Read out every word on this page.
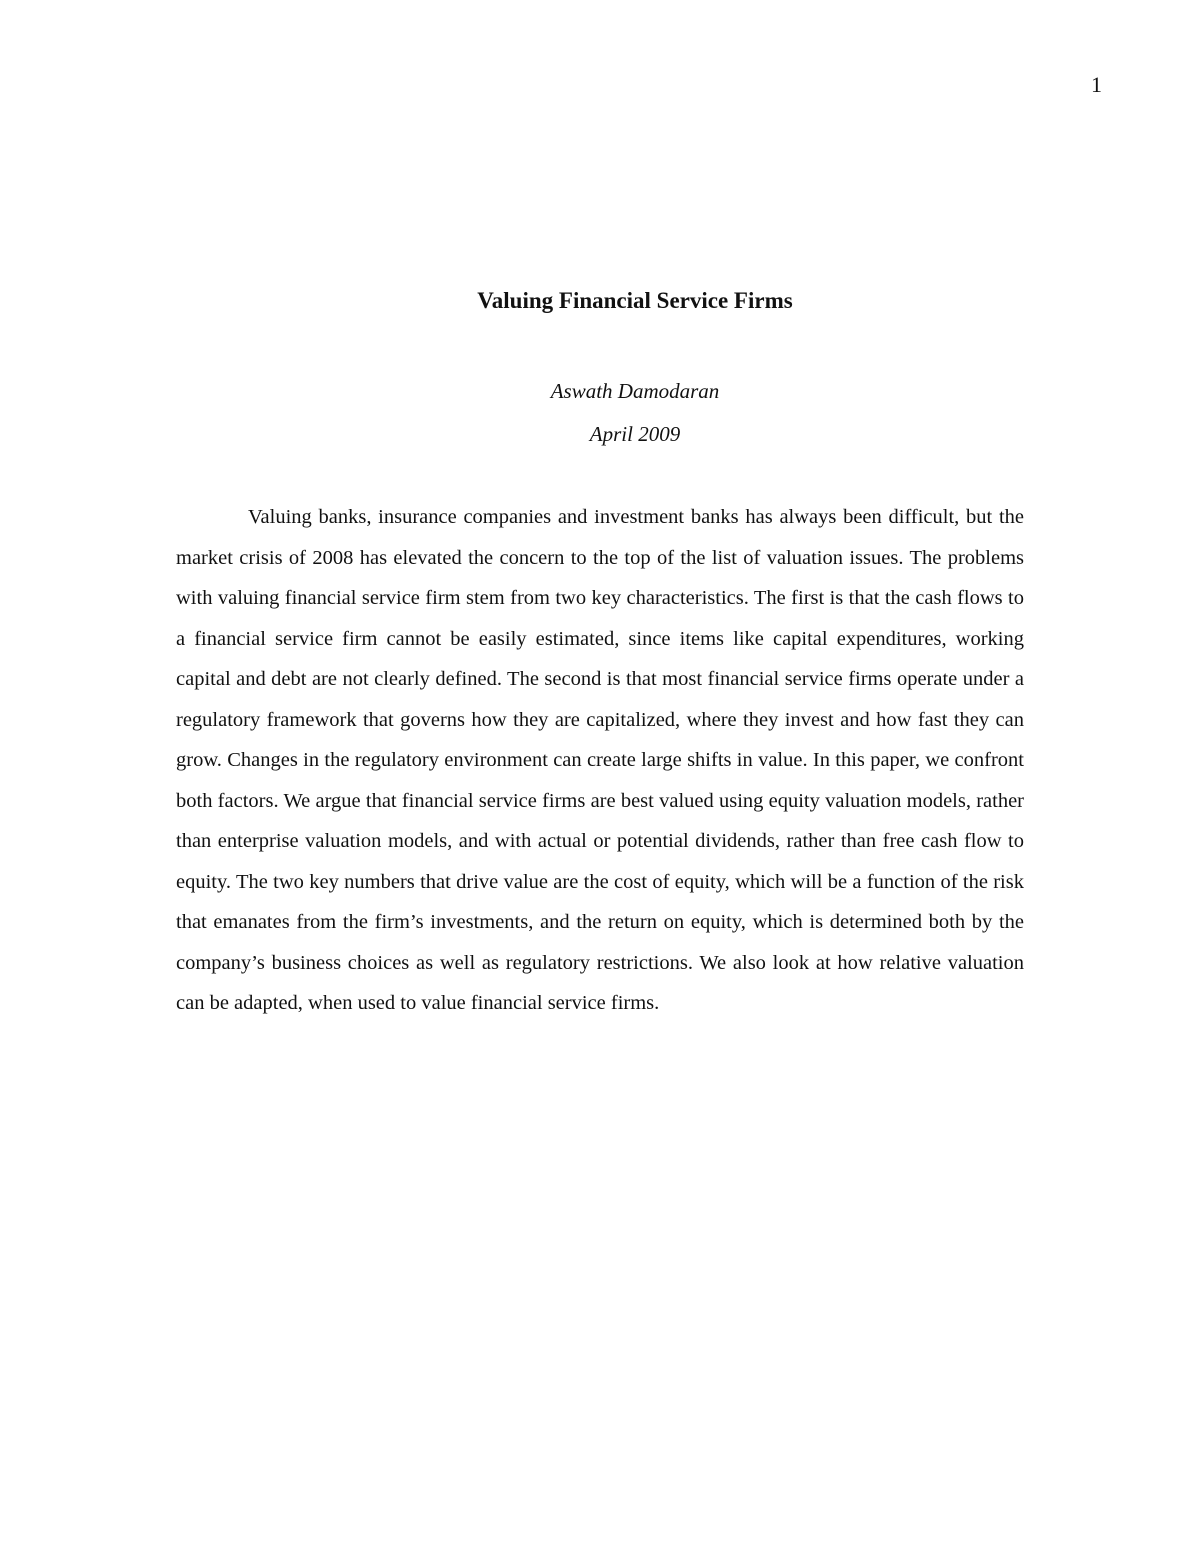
1
Valuing Financial Service Firms
Aswath Damodaran
April 2009

Valuing banks, insurance companies and investment banks has always been difficult, but the market crisis of 2008 has elevated the concern to the top of the list of valuation issues. The problems with valuing financial service firm stem from two key characteristics. The first is that the cash flows to a financial service firm cannot be easily estimated, since items like capital expenditures, working capital and debt are not clearly defined. The second is that most financial service firms operate under a regulatory framework that governs how they are capitalized, where they invest and how fast they can grow. Changes in the regulatory environment can create large shifts in value. In this paper, we confront both factors. We argue that financial service firms are best valued using equity valuation models, rather than enterprise valuation models, and with actual or potential dividends, rather than free cash flow to equity. The two key numbers that drive value are the cost of equity, which will be a function of the risk that emanates from the firm’s investments, and the return on equity, which is determined both by the company’s business choices as well as regulatory restrictions. We also look at how relative valuation can be adapted, when used to value financial service firms.
